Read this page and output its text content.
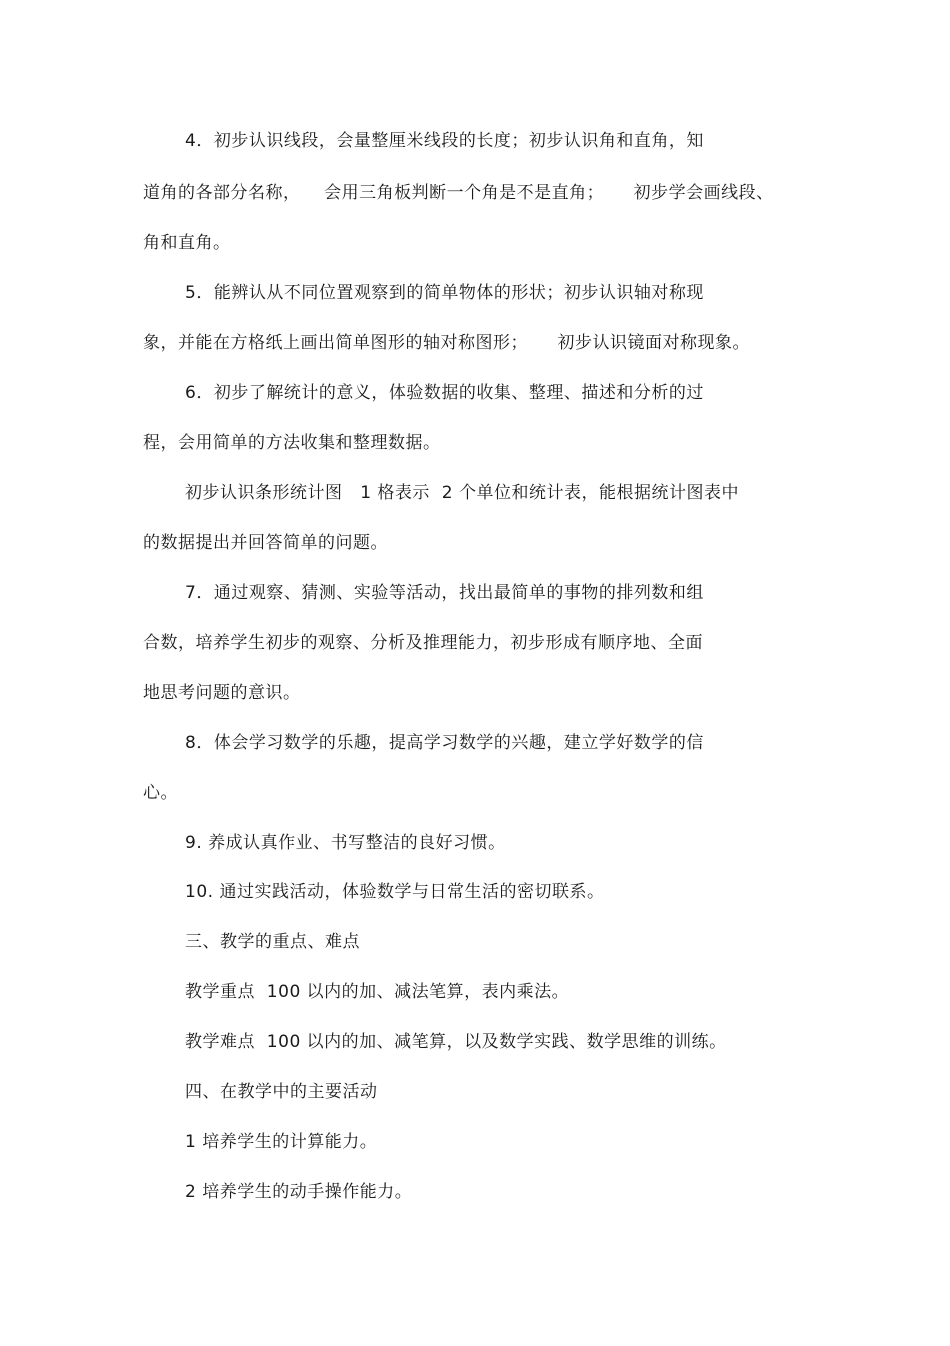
4．初步认识线段，会量整厘米线段的长度；初步认识角和直角，知
道角的各部分名称，    会用三角板判断一个角是不是直角；     初步学会画线段、
角和直角。
5．能辨认从不同位置观察到的简单物体的形状；初步认识轴对称现
象，并能在方格纸上画出简单图形的轴对称图形；     初步认识镜面对称现象。
6．初步了解统计的意义，体验数据的收集、整理、描述和分析的过
程，会用简单的方法收集和整理数据。
初步认识条形统计图   1 格表示  2 个单位和统计表，能根据统计图表中
的数据提出并回答简单的问题。
7．通过观察、猜测、实验等活动，找出最简单的事物的排列数和组
合数，培养学生初步的观察、分析及推理能力，初步形成有顺序地、全面
地思考问题的意识。
8．体会学习数学的乐趣，提高学习数学的兴趣，建立学好数学的信
心。
9. 养成认真作业、书写整洁的良好习惯。
10. 通过实践活动，体验数学与日常生活的密切联系。
三、教学的重点、难点
教学重点  100 以内的加、减法笔算，表内乘法。
教学难点  100 以内的加、减笔算，以及数学实践、数学思维的训练。
四、在教学中的主要活动
1 培养学生的计算能力。
2 培养学生的动手操作能力。
